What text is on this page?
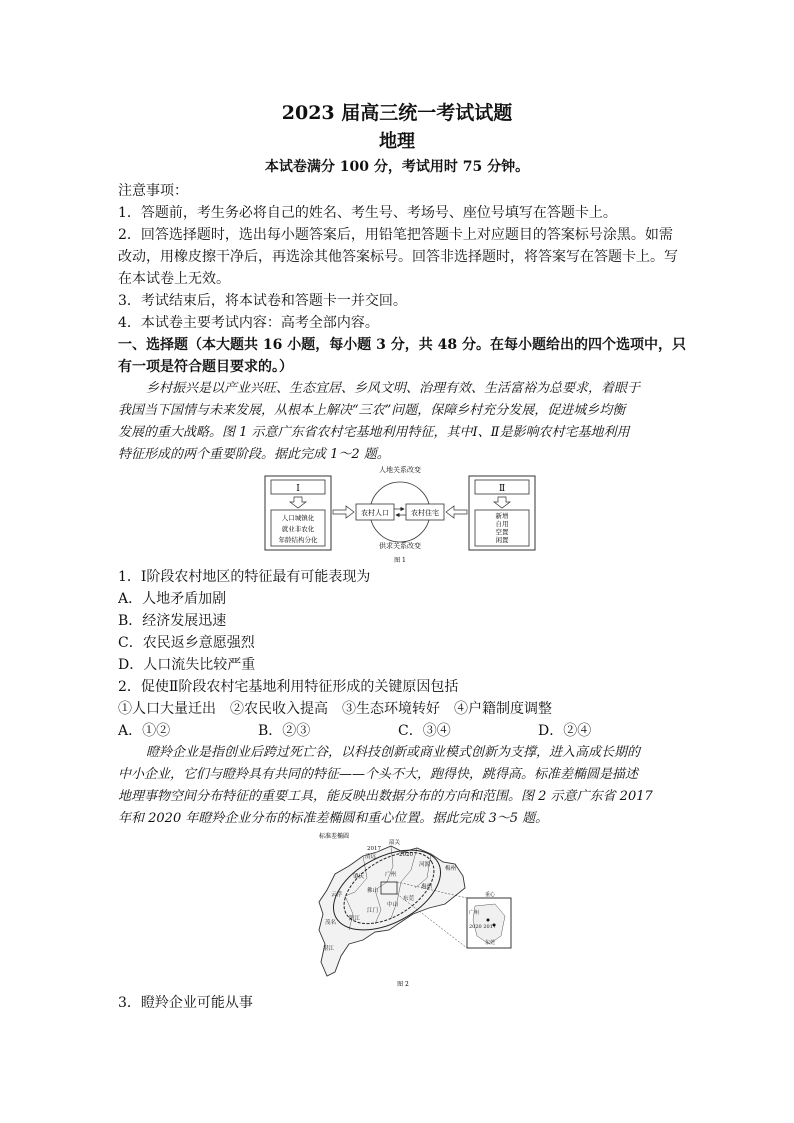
2023 届高三统一考试试题
地理
本试卷满分 100 分，考试用时 75 分钟。
注意事项：
1．答题前，考生务必将自己的姓名、考生号、考场号、座位号填写在答题卡上。
2．回答选择题时，选出每小题答案后，用铅笔把答题卡上对应题目的答案标号涂黑。如需
改动，用橡皮擦干净后，再选涂其他答案标号。回答非选择题时，将答案写在答题卡上。写
在本试卷上无效。
3．考试结束后，将本试卷和答题卡一并交回。
4．本试卷主要考试内容：高考全部内容。
一、选择题（本大题共 16 小题，每小题 3 分，共 48 分。在每小题给出的四个选项中，只
有一项是符合题目要求的。）
乡村振兴是以产业兴旺、生态宜居、乡风文明、治理有效、生活富裕为总要求，着眼于
我国当下国情与未来发展，从根本上解决“三农”问题，保障乡村充分发展，促进城乡均衡
发展的重大战略。图 1 示意广东省农村宅基地利用特征，其中Ⅰ、Ⅱ是影响农村宅基地利用
特征形成的两个重要阶段。据此完成 1～2 题。
人地关系改变
供求关系改变
Ⅰ
人口城镇化
就业非农化
年龄结构分化
农村人口	农村住宅
Ⅱ
新增
自用
空置
闲置
图 1
1．Ⅰ阶段农村地区的特征最有可能表现为
A．人地矛盾加剧
B．经济发展迅速
C．农民返乡意愿强烈
D．人口流失比较严重
2．促使Ⅱ阶段农村宅基地利用特征形成的关键原因包括
①人口大量迁出　②农民收入提高　③生态环境转好　④户籍制度调整
A．①②	B．②③	C．③④	D．②④
瞪羚企业是指创业后跨过死亡谷，以科技创新或商业模式创新为支撑，进入高成长期的
中小企业，它们与瞪羚具有共同的特征——个头不大，跑得快，跳得高。标准差椭圆是描述
地理事物空间分布特征的重要工具，能反映出数据分布的方向和范围。图 2 示意广东省 2017
年和 2020 年瞪羚企业分布的标准差椭圆和重心位置。据此完成 3～5 题。
标准差椭圆
清远
韶关
河源
梅州
肇庆	广州
惠州
云浮
佛山
东莞
江门
中山
阳江
茂名
湛江
2017
2020
重心
广州
2020 2017
东莞
图 2
3．瞪羚企业可能从事
